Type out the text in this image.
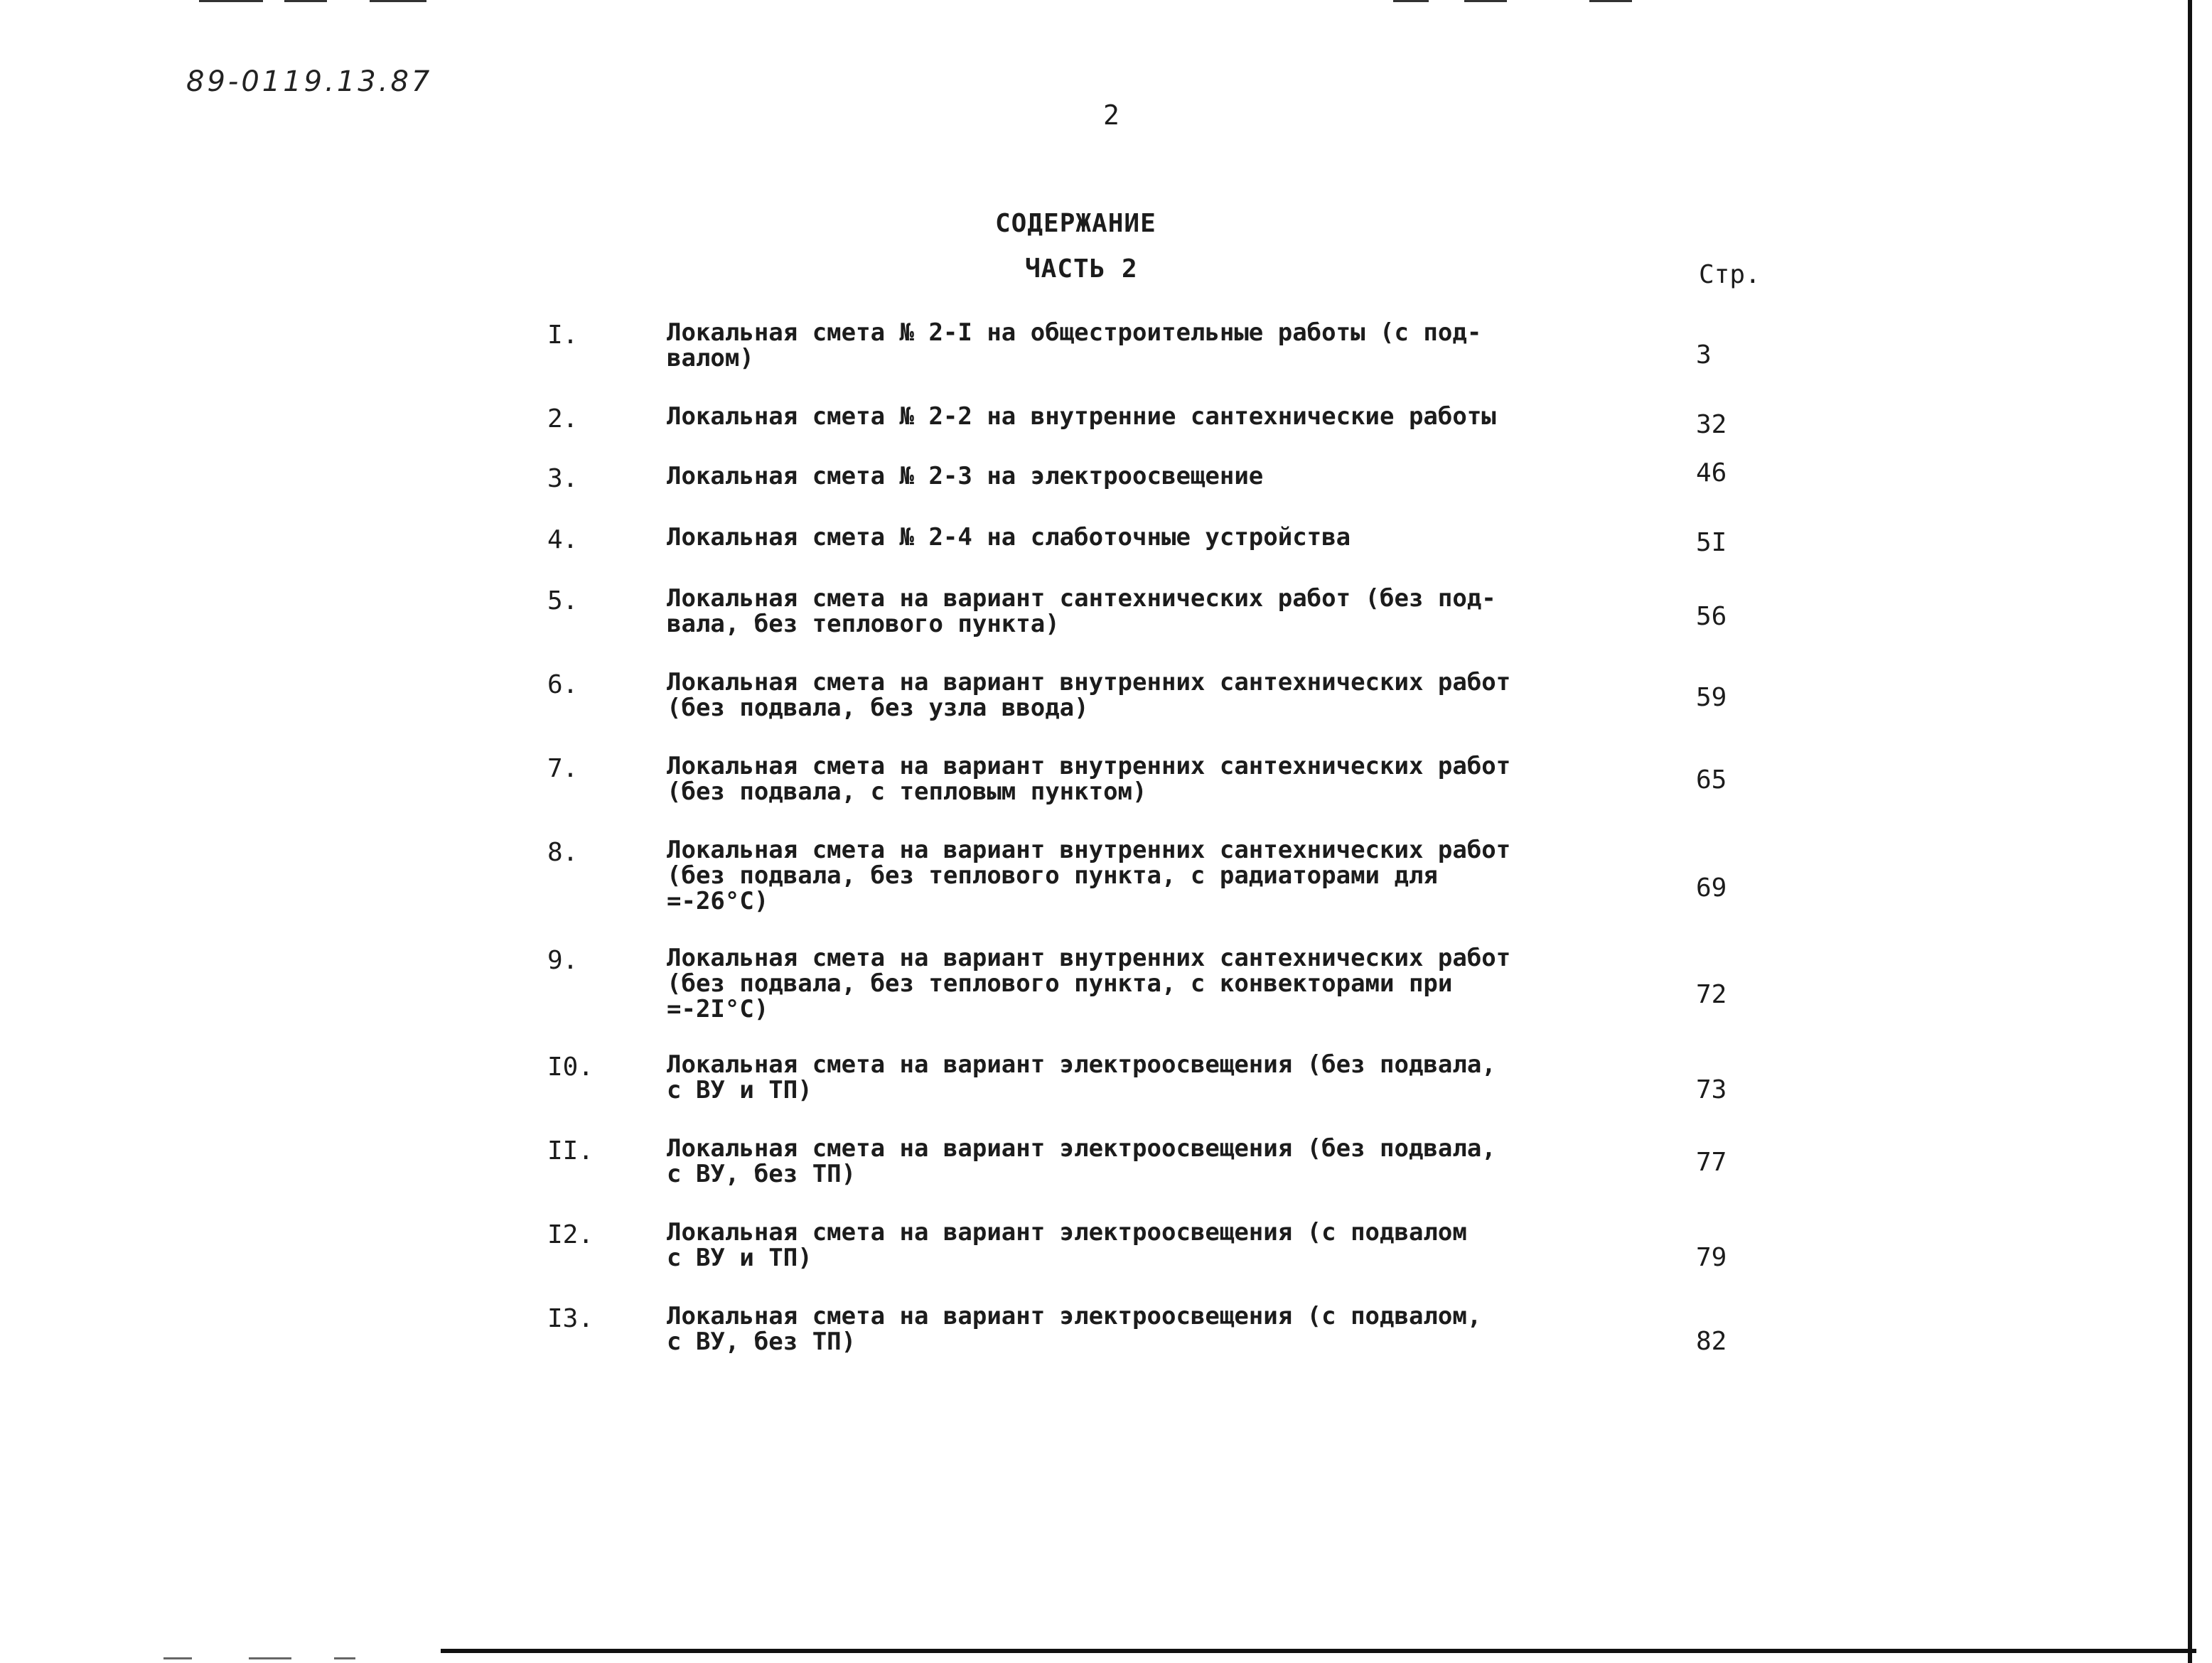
89-0119.13.87
2
СОДЕРЖАНИЕ
ЧАСТЬ 2	Стр.
I.	Локальная смета № 2-I на общестроительные работы (с под-
валом)	3
2.	Локальная смета № 2-2 на внутренние сантехнические работы	32
3.	Локальная смета № 2-3 на электроосвещение	46
4.	Локальная смета № 2-4 на слаботочные устройства	5I
5.	Локальная смета на вариант сантехнических работ (без под-
вала, без теплового пункта)	56
6.	Локальная смета на вариант внутренних сантехнических работ
(без подвала, без узла ввода)	59
7.	Локальная смета на вариант внутренних сантехнических работ
(без подвала, с тепловым пунктом)	65
8.	Локальная смета на вариант внутренних сантехнических работ
(без подвала, без теплового пункта, с радиаторами для
=-26°С)	69
9.	Локальная смета на вариант внутренних сантехнических работ
(без подвала, без теплового пункта, с конвекторами при
=-2I°С)	72
I0.	Локальная смета на вариант электроосвещения (без подвала,
с ВУ и ТП)	73
II.	Локальная смета на вариант электроосвещения (без подвала,
с ВУ, без ТП)	77
I2.	Локальная смета на вариант электроосвещения (с подвалом
с ВУ и ТП)	79
I3.	Локальная смета на вариант электроосвещения (с подвалом,
с ВУ, без ТП)	82
